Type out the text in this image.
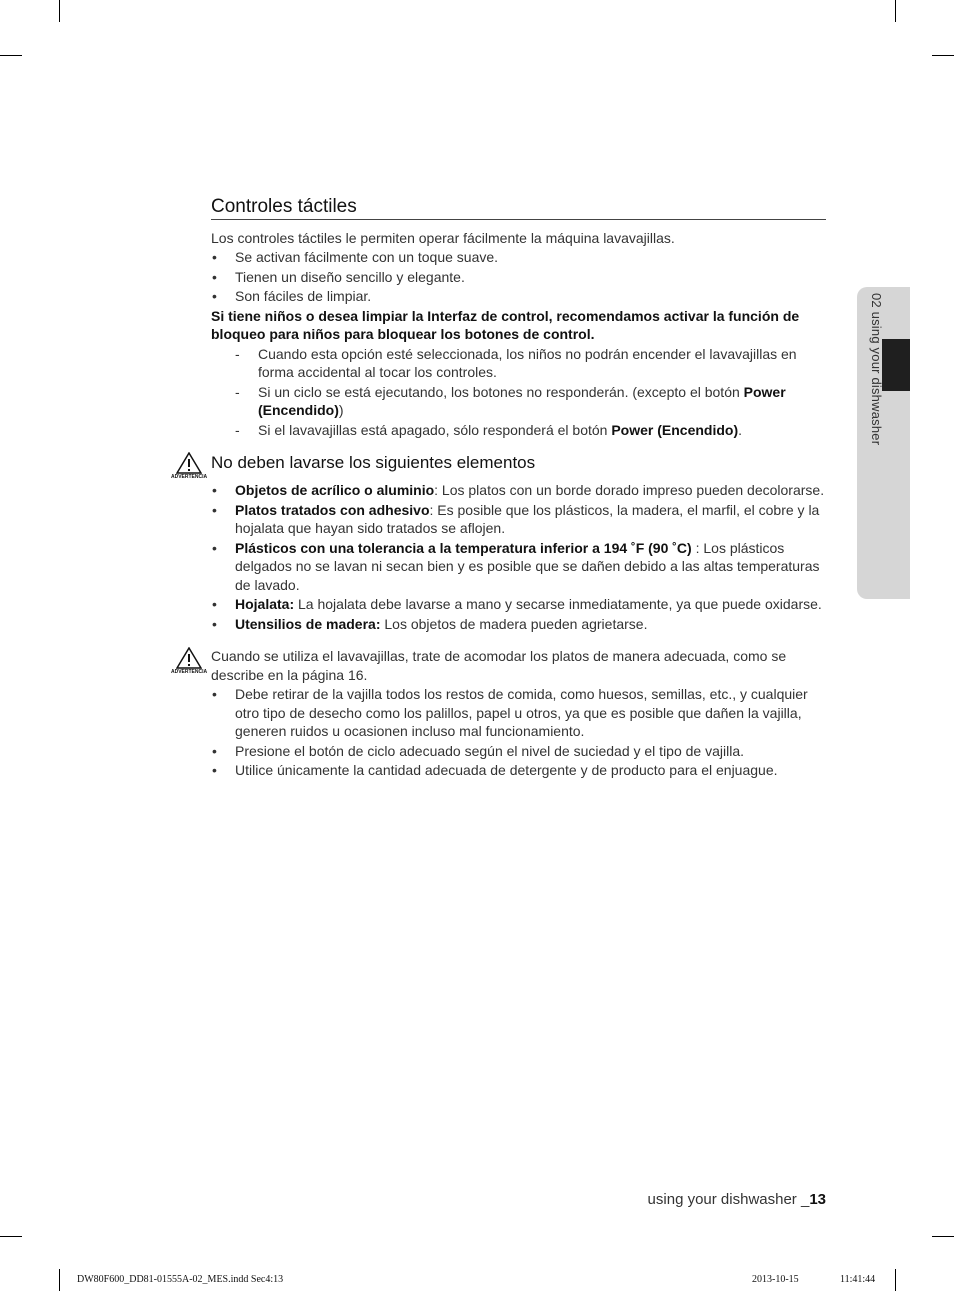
02 using your dishwasher
Controles táctiles

Los controles táctiles le permiten operar fácilmente la máquina lavavajillas.

• Se activan fácilmente con un toque suave.
• Tienen un diseño sencillo y elegante.
• Son fáciles de limpiar.

Si tiene niños o desea limpiar la Interfaz de control, recomendamos activar la función de bloqueo para niños para bloquear los botones de control.

- Cuando esta opción esté seleccionada, los niños no podrán encender el lavavajillas en forma accidental al tocar los controles.
- Si un ciclo se está ejecutando, los botones no responderán. (excepto el botón Power (Encendido))
- Si el lavavajillas está apagado, sólo responderá el botón Power (Encendido).
ADVERTENCIA
No deben lavarse los siguientes elementos
• Objetos de acrílico o aluminio: Los platos con un borde dorado impreso pueden decolorarse.
• Platos tratados con adhesivo: Es posible que los plásticos, la madera, el marfil, el cobre y la hojalata que hayan sido tratados se aflojen.
• Plásticos con una tolerancia a la temperatura inferior a 194 ˚F (90 ˚C) : Los plásticos delgados no se lavan ni secan bien y es posible que se dañen debido a las altas temperaturas de lavado.
• Hojalata: La hojalata debe lavarse a mano y secarse inmediatamente, ya que puede oxidarse.
• Utensilios de madera: Los objetos de madera pueden agrietarse.
ADVERTENCIA

Cuando se utiliza el lavavajillas, trate de acomodar los platos de manera adecuada, como se describe en la página 16.

• Debe retirar de la vajilla todos los restos de comida, como huesos, semillas, etc., y cualquier otro tipo de desecho como los palillos, papel u otros, ya que es posible que dañen la vajilla, generen ruidos u ocasionen incluso mal funcionamiento.
• Presione el botón de ciclo adecuado según el nivel de suciedad y el tipo de vajilla.
• Utilice únicamente la cantidad adecuada de detergente y de producto para el enjuague.
using your dishwasher _13
DW80F600_DD81-01555A-02_MES.indd Sec4:13	2013-10-15	11:41:44
